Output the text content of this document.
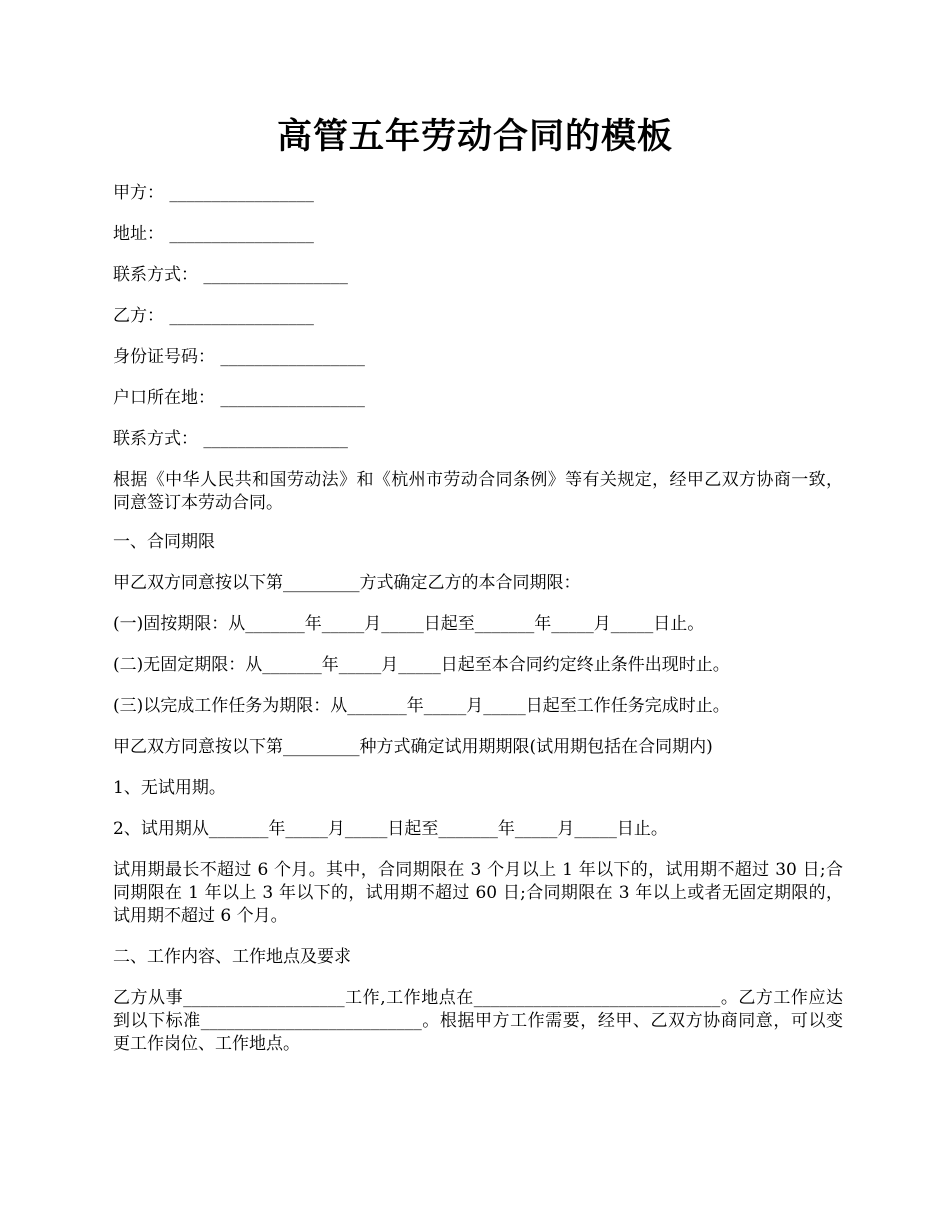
高管五年劳动合同的模板
甲方： _________________
地址： _________________
联系方式： _________________
乙方： _________________
身份证号码： _________________
户口所在地： _________________
联系方式： _________________
根据《中华人民共和国劳动法》和《杭州市劳动合同条例》等有关规定，经甲乙双方协商一致，同意签订本劳动合同。
一、合同期限
甲乙双方同意按以下第_________方式确定乙方的本合同期限：
(一)固按期限：从_______年_____月_____日起至_______年_____月_____日止。
(二)无固定期限：从_______年_____月_____日起至本合同约定终止条件出现时止。
(三)以完成工作任务为期限：从_______年_____月_____日起至工作任务完成时止。
甲乙双方同意按以下第_________种方式确定试用期期限(试用期包括在合同期内)
1、无试用期。
2、试用期从_______年_____月_____日起至_______年_____月_____日止。
试用期最长不超过 6 个月。其中，合同期限在 3 个月以上 1 年以下的，试用期不超过 30 日;合同期限在 1 年以上 3 年以下的，试用期不超过 60 日;合同期限在 3 年以上或者无固定期限的，试用期不超过 6 个月。
二、工作内容、工作地点及要求
乙方从事___________________工作,工作地点在_____________________________。乙方工作应达到以下标准__________________________。根据甲方工作需要，经甲、乙双方协商同意，可以变更工作岗位、工作地点。
